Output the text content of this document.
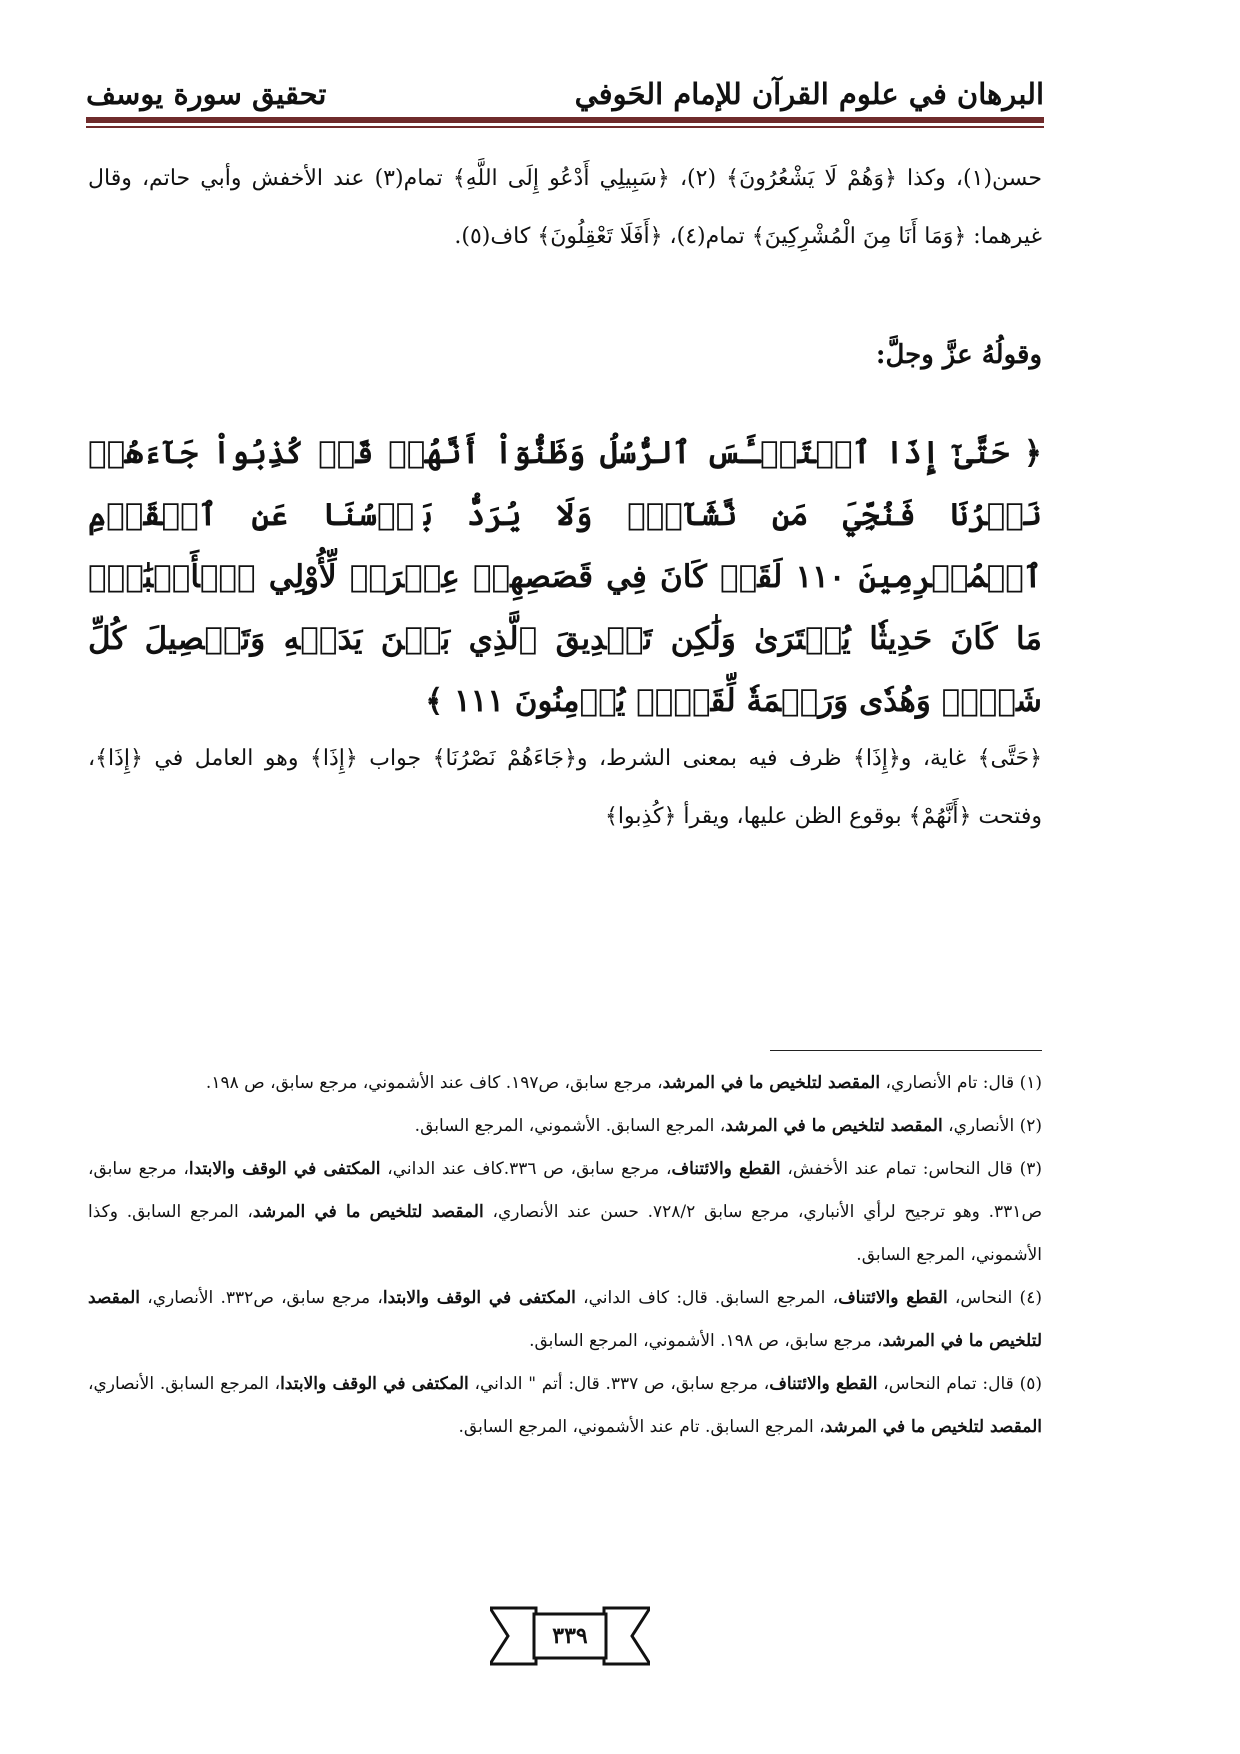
البرهان في علوم القرآن للإمام الحَوفي
تحقيق سورة يوسف
حسن(١)، وكذا ﴿وَهُمْ لَا يَشْعُرُونَ﴾ (٢)، ﴿سَبِيلِي أَدْعُو إِلَى اللَّهِ﴾ تمام(٣) عند الأخفش وأبي حاتم، وقال غيرهما: ﴿وَمَا أَنَا مِنَ الْمُشْرِكِينَ﴾ تمام(٤)، ﴿أَفَلَا تَعْقِلُونَ﴾ كاف(٥).
وقولُهُ عزَّ وجلَّ:
﴿ حَتَّىٰٓ إِذَا ٱسۡتَيۡـَٔسَ ٱلرُّسُلُ وَظَنُّوٓاْ أَنَّهُمۡ قَدۡ كُذِبُواْ جَآءَهُمۡ نَصۡرُنَا فَنُجِّيَ مَن نَّشَآءُۖ وَلَا يُرَدُّ بَأۡسُنَا عَنِ ٱلۡقَوۡمِ ٱلۡمُجۡرِمِينَ ١١٠ لَقَدۡ كَانَ فِي قَصَصِهِمۡ عِبۡرَةٞ لِّأُوْلِي ٱلۡأَلۡبَٰبِۗ مَا كَانَ حَدِيثٗا يُفۡتَرَىٰ وَلَٰكِن تَصۡدِيقَ ٱلَّذِي بَيۡنَ يَدَيۡهِ وَتَفۡصِيلَ كُلِّ شَيۡءٖ وَهُدٗى وَرَحۡمَةٗ لِّقَوۡمٖ يُؤۡمِنُونَ ١١١ ﴾
﴿حَتَّى﴾ غاية، و﴿إِذَا﴾ ظرف فيه بمعنى الشرط، و﴿جَاءَهُمْ نَصْرُنَا﴾ جواب ﴿إِذَا﴾ وهو العامل في ﴿إِذَا﴾، وفتحت ﴿أَنَّهُمْ﴾ بوقوع الظن عليها، ويقرأ ﴿كُذِبوا﴾

(١) قال: تام الأنصاري، المقصد لتلخيص ما في المرشد، مرجع سابق، ص١٩٧. كاف عند الأشموني، مرجع سابق، ص ١٩٨.

(٢) الأنصاري، المقصد لتلخيص ما في المرشد، المرجع السابق. الأشموني، المرجع السابق.

(٣) قال النحاس: تمام عند الأخفش، القطع والائتناف، مرجع سابق، ص ٣٣٦.كاف عند الداني، المكتفى في الوقف والابتدا، مرجع سابق، ص٣٣١. وهو ترجيح لرأي الأنباري، مرجع سابق ٧٢٨/٢. حسن عند الأنصاري، المقصد لتلخيص ما في المرشد، المرجع السابق. وكذا الأشموني، المرجع السابق.

(٤) النحاس، القطع والائتناف، المرجع السابق. قال: كاف الداني، المكتفى في الوقف والابتدا، مرجع سابق، ص٣٣٢. الأنصاري، المقصد لتلخيص ما في المرشد، مرجع سابق، ص ١٩٨. الأشموني، المرجع السابق.

(٥) قال: تمام النحاس، القطع والائتناف، مرجع سابق، ص ٣٣٧. قال: أتم " الداني، المكتفى في الوقف والابتدا، المرجع السابق. الأنصاري، المقصد لتلخيص ما في المرشد، المرجع السابق. تام عند الأشموني، المرجع السابق.

٣٣٩
